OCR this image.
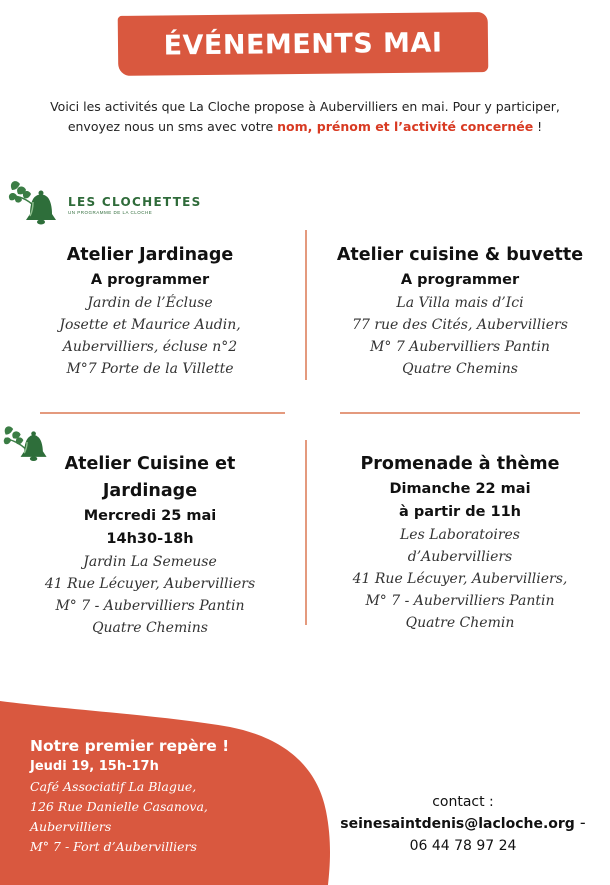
ÉVÉNEMENTS MAI
Voici les activités que La Cloche propose à Aubervilliers en mai. Pour y participer,
envoyez nous un sms avec votre nom, prénom et l’activité concernée !
LES CLOCHETTES
UN PROGRAMME DE LA CLOCHE
Atelier Jardinage
A programmer
Jardin de l’Écluse
Josette et Maurice Audin,
Aubervilliers, écluse n°2
M°7 Porte de la Villette
Atelier cuisine & buvette
A programmer
La Villa mais d’Ici
77 rue des Cités, Aubervilliers
M° 7 Aubervilliers Pantin
Quatre Chemins
Atelier Cuisine et
Jardinage
Mercredi 25 mai
14h30-18h
Jardin La Semeuse
41 Rue Lécuyer, Aubervilliers
M° 7 - Aubervilliers Pantin
Quatre Chemins
Promenade à thème
Dimanche 22 mai
à partir de 11h
Les Laboratoires
d’Aubervilliers
41 Rue Lécuyer, Aubervilliers,
M° 7 - Aubervilliers Pantin
Quatre Chemin
Notre premier repère !
Jeudi 19, 15h-17h
Café Associatif La Blague,
126 Rue Danielle Casanova,
Aubervilliers
M° 7 - Fort d’Aubervilliers
contact :
seinesaintdenis@lacloche.org -
06 44 78 97 24
